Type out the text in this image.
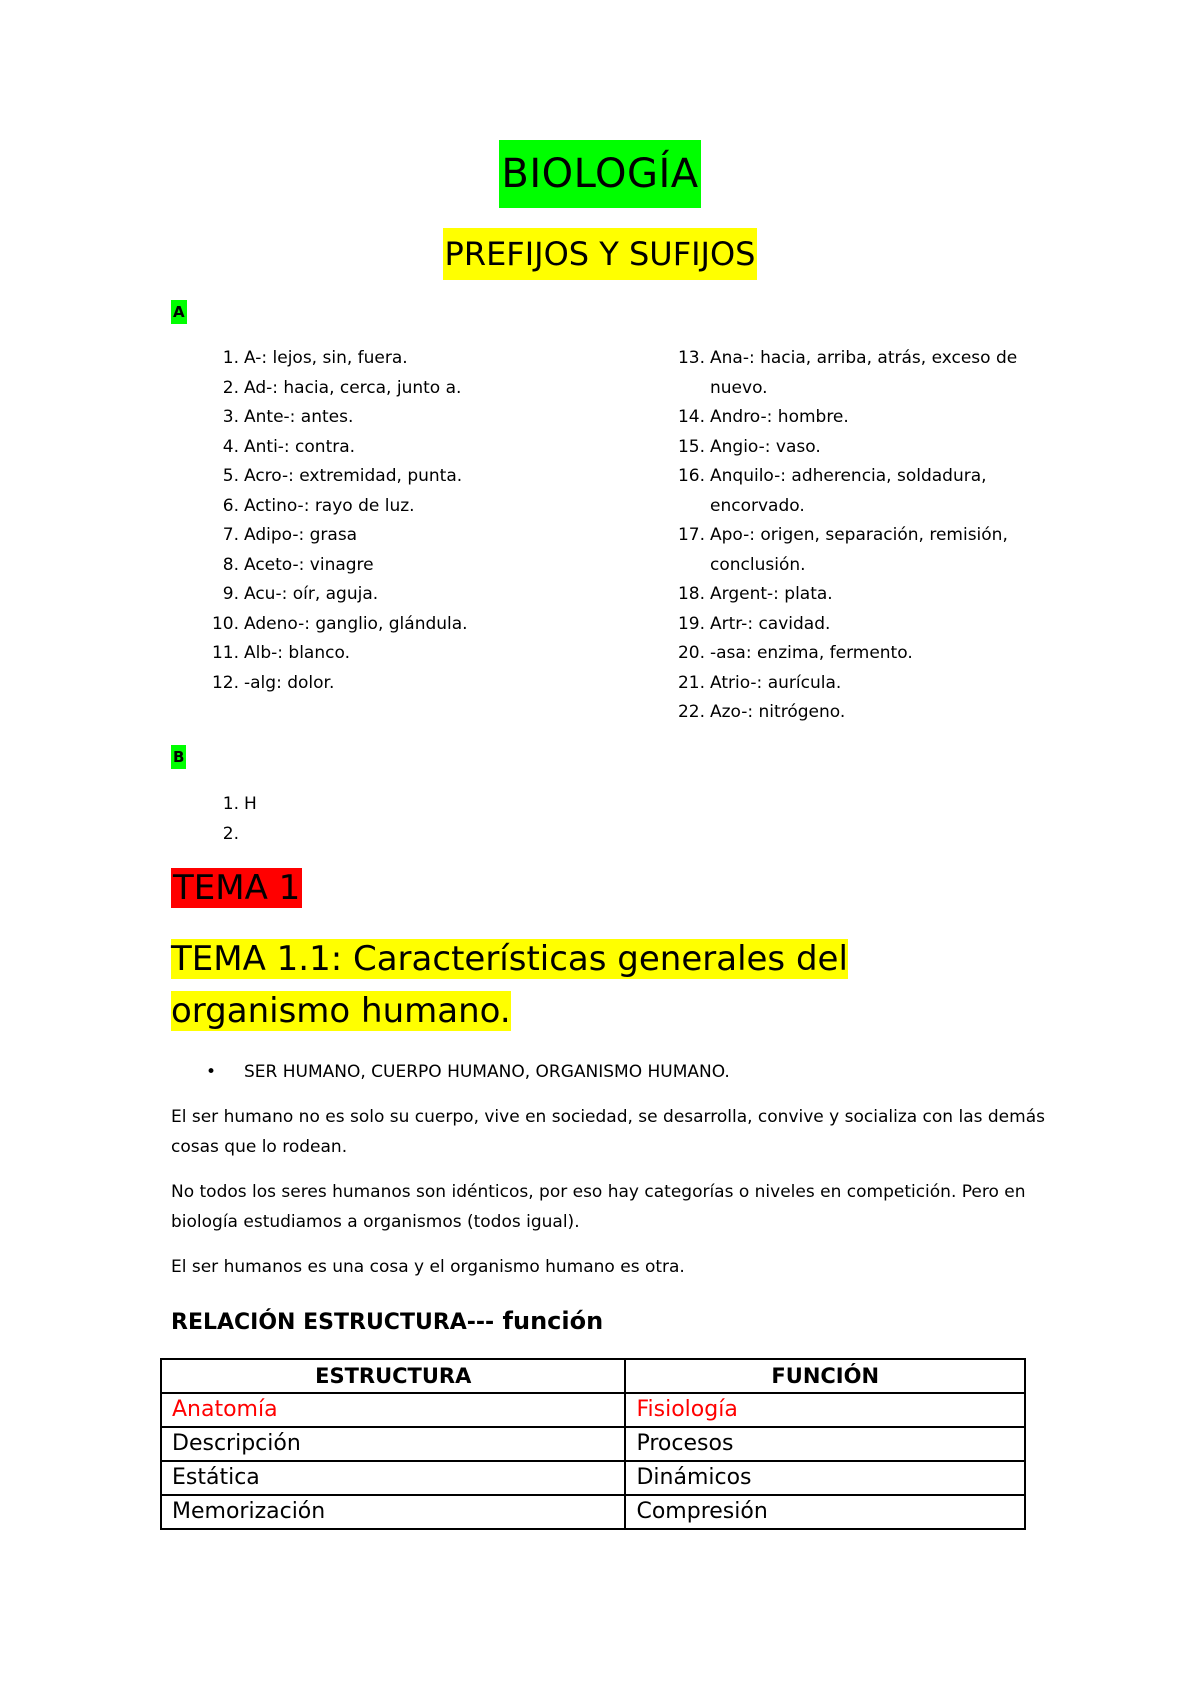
BIOLOGÍA
PREFIJOS Y SUFIJOS
A
1. A-: lejos, sin, fuera.
2. Ad-: hacia, cerca, junto a.
3. Ante-: antes.
4. Anti-: contra.
5. Acro-: extremidad, punta.
6. Actino-: rayo de luz.
7. Adipo-: grasa
8. Aceto-: vinagre
9. Acu-: oír, aguja.
10. Adeno-: ganglio, glándula.
11. Alb-: blanco.
12. -alg: dolor.
13. Ana-: hacia, arriba, atrás, exceso de nuevo.
14. Andro-: hombre.
15. Angio-: vaso.
16. Anquilo-: adherencia, soldadura, encorvado.
17. Apo-: origen, separación, remisión, conclusión.
18. Argent-: plata.
19. Artr-: cavidad.
20. -asa: enzima, fermento.
21. Atrio-: aurícula.
22. Azo-: nitrógeno.
B
1. H
2.
TEMA 1
TEMA 1.1: Características generales del organismo humano.
• SER HUMANO, CUERPO HUMANO, ORGANISMO HUMANO.

El ser humano no es solo su cuerpo, vive en sociedad, se desarrolla, convive y socializa con las demás cosas que lo rodean.

No todos los seres humanos son idénticos, por eso hay categorías o niveles en competición. Pero en biología estudiamos a organismos (todos igual).

El ser humanos es una cosa y el organismo humano es otra.

RELACIÓN ESTRUCTURA--- función
ESTRUCTURA	FUNCIÓN
Anatomía	Fisiología
Descripción	Procesos
Estática	Dinámicos
Memorización	Compresión
